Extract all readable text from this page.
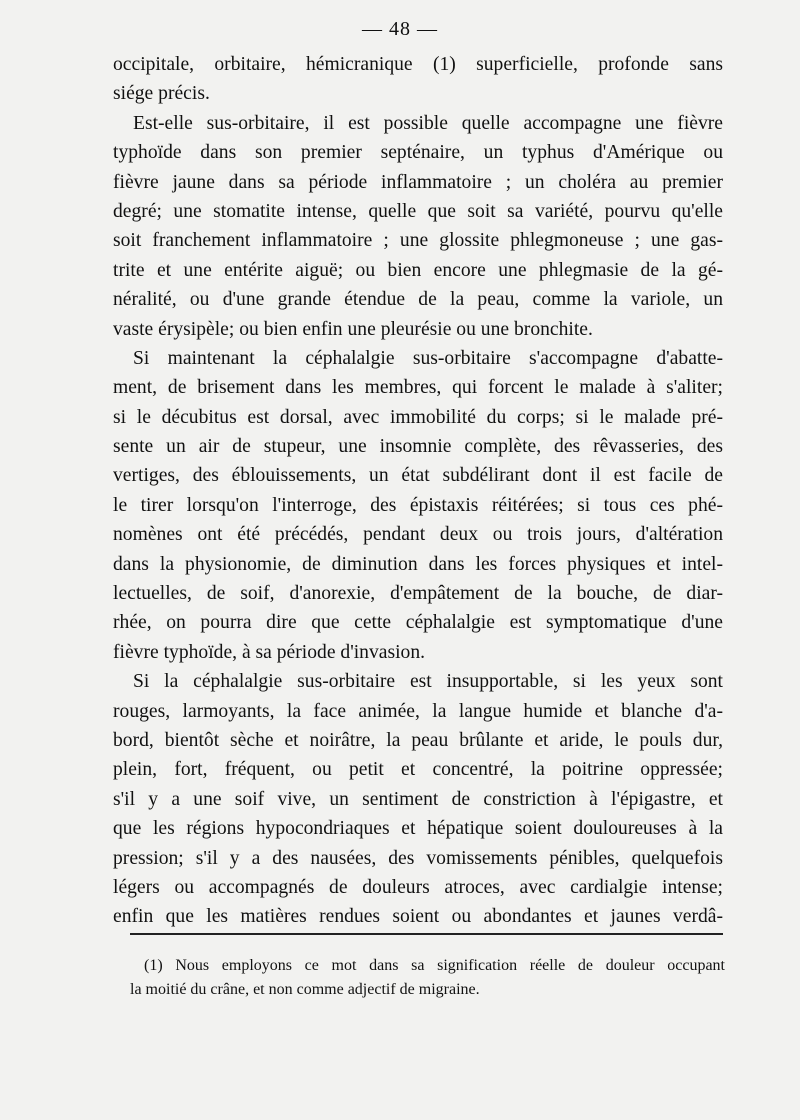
— 48 —
occipitale, orbitaire, hémicranique (1) superficielle, profonde sans
siége précis.
Est-elle sus-orbitaire, il est possible quelle accompagne une fièvre
typhoïde dans son premier septénaire, un typhus d'Amérique ou
fièvre jaune dans sa période inflammatoire ; un choléra au premier
degré; une stomatite intense, quelle que soit sa variété, pourvu qu'elle
soit franchement inflammatoire ; une glossite phlegmoneuse ; une gas-
trite et une entérite aiguë; ou bien encore une phlegmasie de la gé-
néralité, ou d'une grande étendue de la peau, comme la variole, un
vaste érysipèle; ou bien enfin une pleurésie ou une bronchite.
Si maintenant la céphalalgie sus-orbitaire s'accompagne d'abatte-
ment, de brisement dans les membres, qui forcent le malade à s'aliter;
si le décubitus est dorsal, avec immobilité du corps; si le malade pré-
sente un air de stupeur, une insomnie complète, des rêvasseries, des
vertiges, des éblouissements, un état subdélirant dont il est facile de
le tirer lorsqu'on l'interroge, des épistaxis réitérées; si tous ces phé-
nomènes ont été précédés, pendant deux ou trois jours, d'altération
dans la physionomie, de diminution dans les forces physiques et intel-
lectuelles, de soif, d'anorexie, d'empâtement de la bouche, de diar-
rhée, on pourra dire que cette céphalalgie est symptomatique d'une
fièvre typhoïde, à sa période d'invasion.
Si la céphalalgie sus-orbitaire est insupportable, si les yeux sont
rouges, larmoyants, la face animée, la langue humide et blanche d'a-
bord, bientôt sèche et noirâtre, la peau brûlante et aride, le pouls dur,
plein, fort, fréquent, ou petit et concentré, la poitrine oppressée;
s'il y a une soif vive, un sentiment de constriction à l'épigastre, et
que les régions hypocondriaques et hépatique soient douloureuses à la
pression; s'il y a des nausées, des vomissements pénibles, quelquefois
légers ou accompagnés de douleurs atroces, avec cardialgie intense;
enfin que les matières rendues soient ou abondantes et jaunes verdâ-
(1) Nous employons ce mot dans sa signification réelle de douleur occupant
la moitié du crâne, et non comme adjectif de migraine.
